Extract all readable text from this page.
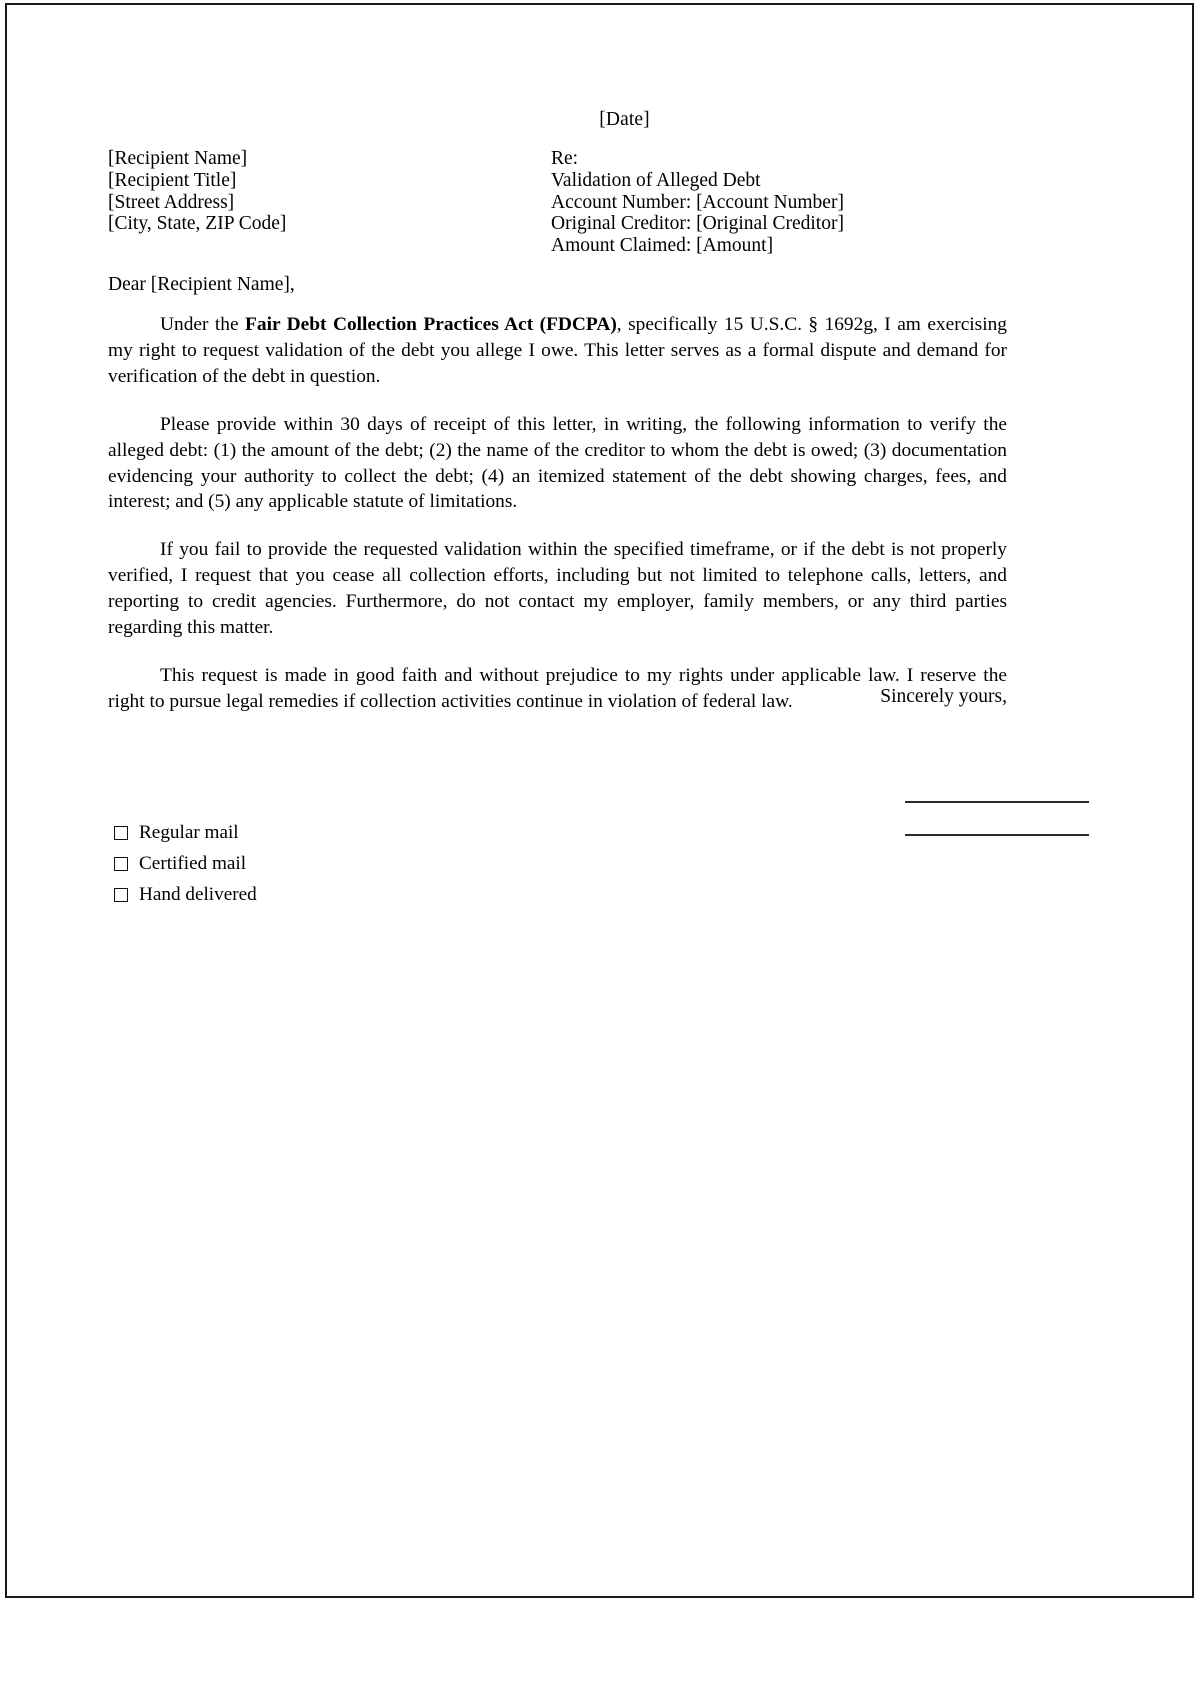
[Date]
[Recipient Name]
[Recipient Title]
[Street Address]
[City, State, ZIP Code]
Re:
Validation of Alleged Debt
Account Number: [Account Number]
Original Creditor: [Original Creditor]
Amount Claimed: [Amount]
Dear [Recipient Name],

Under the Fair Debt Collection Practices Act (FDCPA), specifically 15 U.S.C. § 1692g, I am exercising my right to request validation of the debt you allege I owe. This letter serves as a formal dispute and demand for verification of the debt in question.

Please provide within 30 days of receipt of this letter, in writing, the following information to verify the alleged debt: (1) the amount of the debt; (2) the name of the creditor to whom the debt is owed; (3) documentation evidencing your authority to collect the debt; (4) an itemized statement of the debt showing charges, fees, and interest; and (5) any applicable statute of limitations.

If you fail to provide the requested validation within the specified timeframe, or if the debt is not properly verified, I request that you cease all collection efforts, including but not limited to telephone calls, letters, and reporting to credit agencies. Furthermore, do not contact my employer, family members, or any third parties regarding this matter.

This request is made in good faith and without prejudice to my rights under applicable law. I reserve the right to pursue legal remedies if collection activities continue in violation of federal law.	Sincerely yours,
Regular mail
Certified mail
Hand delivered
